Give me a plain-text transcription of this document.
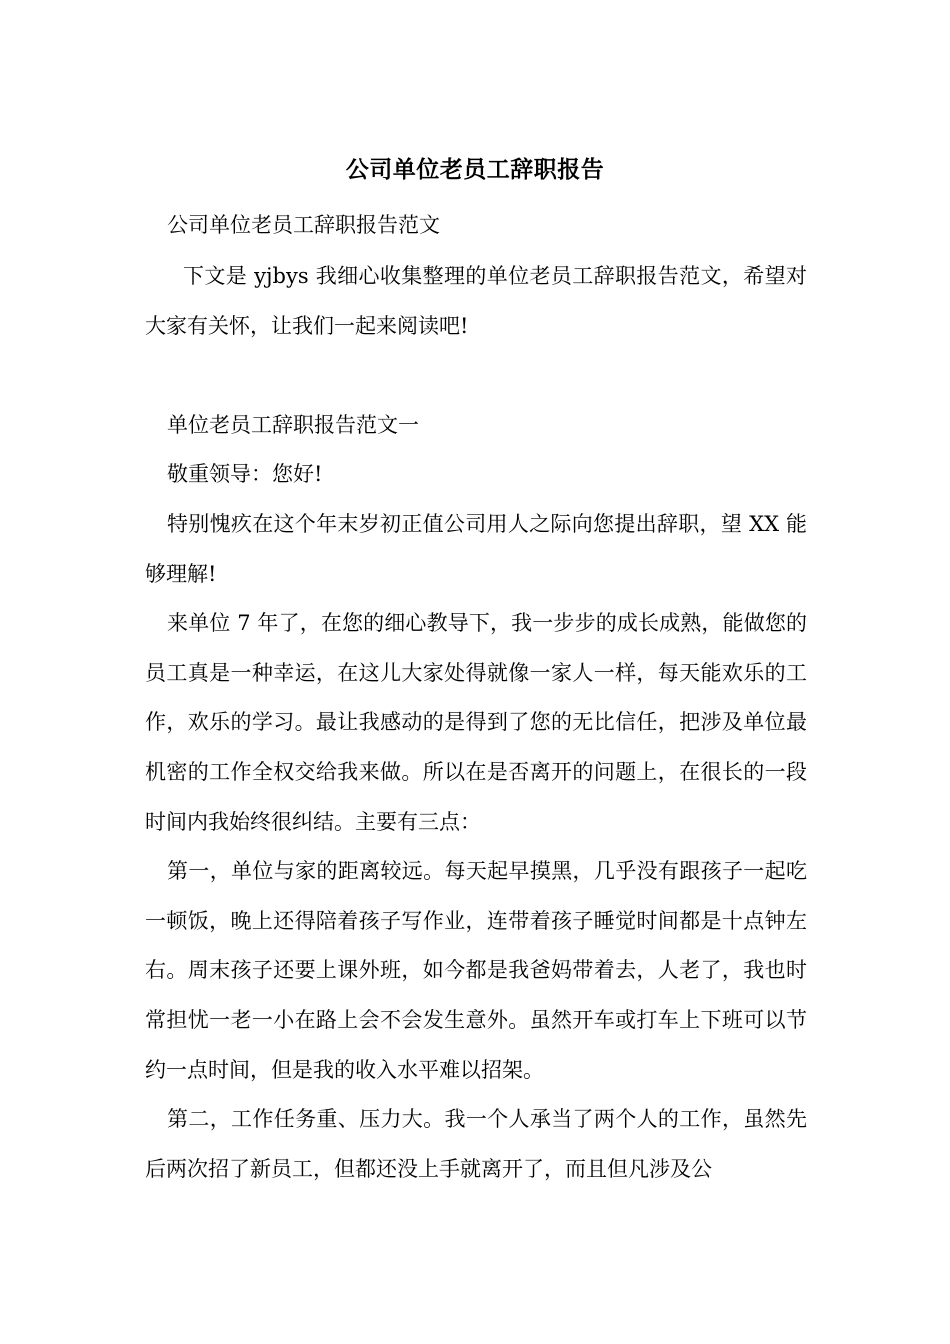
公司单位老员工辞职报告
公司单位老员工辞职报告范文

下文是 yjbys 我细心收集整理的单位老员工辞职报告范文，希望对大家有关怀，让我们一起来阅读吧!

单位老员工辞职报告范文一

敬重领导：您好!

特别愧疚在这个年末岁初正值公司用人之际向您提出辞职，望 XX 能够理解!

来单位 7 年了，在您的细心教导下，我一步步的成长成熟，能做您的员工真是一种幸运，在这儿大家处得就像一家人一样，每天能欢乐的工作，欢乐的学习。最让我感动的是得到了您的无比信任，把涉及单位最机密的工作全权交给我来做。所以在是否离开的问题上，在很长的一段时间内我始终很纠结。主要有三点：

第一，单位与家的距离较远。每天起早摸黑，几乎没有跟孩子一起吃一顿饭，晚上还得陪着孩子写作业，连带着孩子睡觉时间都是十点钟左右。周末孩子还要上课外班，如今都是我爸妈带着去，人老了，我也时常担忧一老一小在路上会不会发生意外。虽然开车或打车上下班可以节约一点时间，但是我的收入水平难以招架。

第二，工作任务重、压力大。我一个人承当了两个人的工作，虽然先后两次招了新员工，但都还没上手就离开了，而且但凡涉及公
